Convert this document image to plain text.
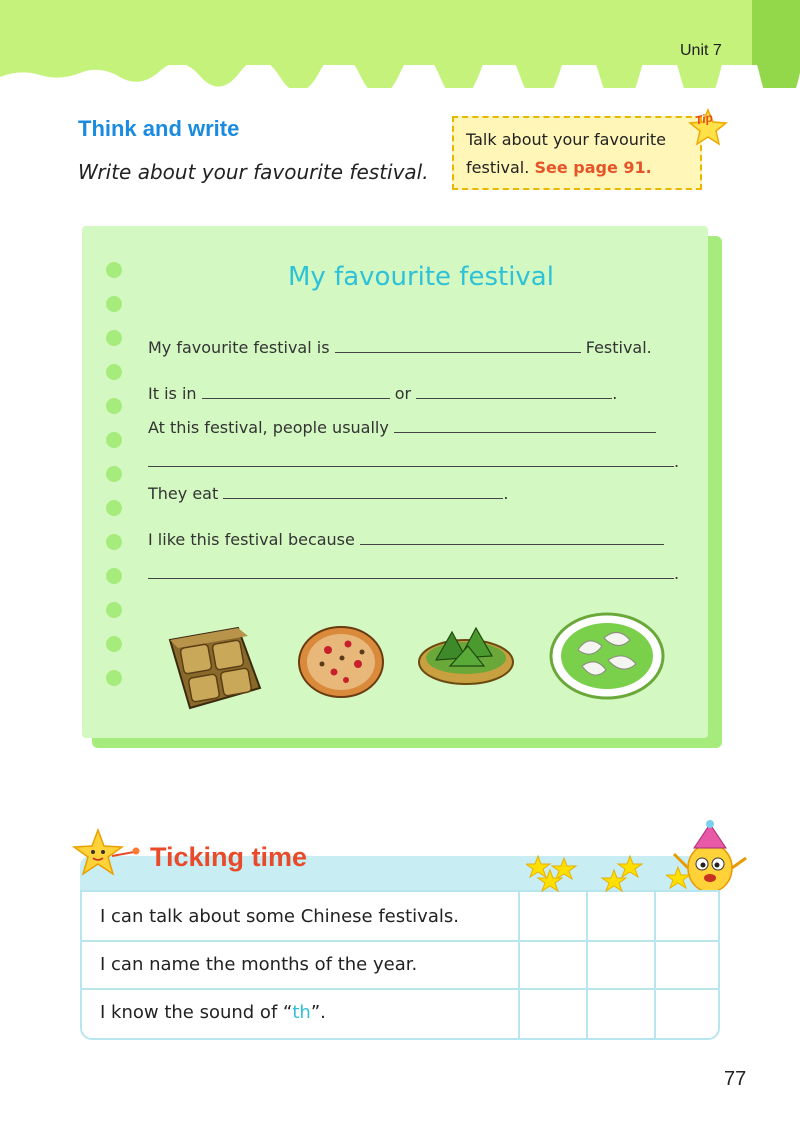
Unit 7
Think and write
Write about your favourite festival.
Talk about your favourite
festival. See page 91.
Tip
My favourite festival
My favourite festival is	Festival.
It is in	or	.
At this festival, people usually
.
They eat	.
I like this festival because
.
Ticking time
I can talk about some Chinese festivals.
I can name the months of the year.
I know the sound of “th”.
77
